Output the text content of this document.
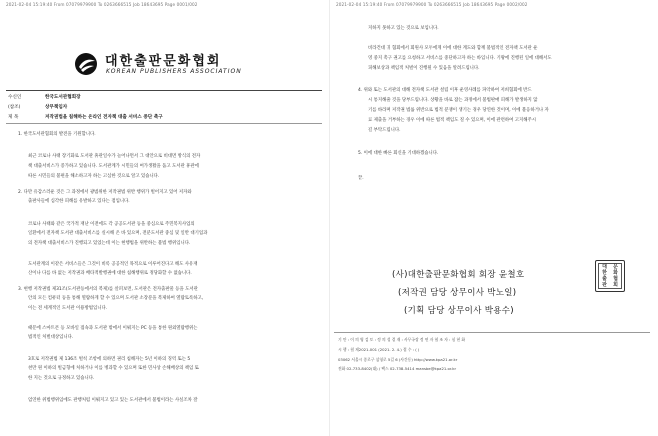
2021-02-04 15:19:40 From 07079979900 To 0263666515 Job 18643695 Page 0001/002
대한출판문화협회
KOREAN PUBLISHERS ASSOCIATION
수신인	한국도서관협회장
(참조)	상무책임자
제 목	저작권법을 침해하는 온라인 전자책 대출 서비스 중단 촉구
1. 한국도서관협회의 발전을 기원합니다.
최근 코로나 사태 장기화로 도서관 휴관일수가 늘어나면서 그 대안으로 비대면 방식의 전자
책 대출서비스가 증가하고 있습니다. 도서관계가 시민들의 여가생활을 돕고 도서관 휴관에
따른 시민들의 불편을 해소하고자 하는 고심한 것으로 알고 있습니다.
2. 다만 유감스러운 것은 그 과정에서 광범위한 저작권법 위반 행위가 벌어지고 있어 저자와
출판사들에 심각한 피해를 유발하고 있다는 점입니다.
코로나 사태와 같은 국가적 재난 이전에도 각 공공도서관 등을 중심으로 주민복지사업의
일환에서 전자책 도서관 대출서비스를 실시해 온 바 있으며, 전분도서관 중심 및 일반 대기업과
의 전자책 대출서비스가 진행되고 있었는데 이는 현행법을 위반하는 불법 행위입니다.
도서관계의 이같은 서비스들은 그것이 비록 공공적인 목적으로 이루어진다고 해도 사유재
산이나 다를 바 없는 저작권과 배타적발행권에 대한 침해행위로 정당화할 수 없습니다.
3. 현행 저작권법 제31조(도서관등에서의 복제)를 살펴보면, 도서관은 전자출판물 등을 도서관
안의 모든 컴퓨터 등을 통해 열람하게 할 수 있으며 도서관 소장분을 복제하여 열람토록하고,
이는 전 세계적인 도서관 이용방법입니다.
때문에 스마트폰 등 모바일 접속과 도서관 밖에서 이뤄지는 PC 등을 통한 원외열람행위는
법적인 처벌대상입니다.
3호로 저작권법 제 136조 벌칙 조항에 의하면 권리 침해자는 5년 이하의 징역 또는 5
천만 원 이하의 벌금형에 처하거나 이를 병과할 수 있으며 또한 민사상 손해배상의 책임 또
한 지는 것으로 규정하고 있습니다.
엄연한 위법행위임에도 관행처럼 이뤄지고 있고 있는 도서관에서 불법이라는 사실조차 잘
2021-02-04 15:19:40 From 07079979900 To 0263666515 Job 18643695 Page 0002/002
지하지 못하고 있는 것으로 보입니다.
비라건대 귀 협회에서 회원사 모두에게 이에 대한 계도와 함께 불법적인 전자책 도서관 운
영 중지 촉구 권고를 요청하고 서비스를 중단하고자 하는 바입니다. 기왕에 진행된 일에 대해서도
피해보상과 책임적 처벌이 진행될 수 있음을 알려드립니다.
4. 위와 또는 도서관의 대해 전자책 도서관 설립 이후 운영사례를 파악하여 저희협회에 반드
시 통지해줄 것을 당부드립니다. 상황을 바로 잡는 과정에서 불법판매 피해가 발생하지 않
기를 바라며 저작권 법률 위반으로 법적 분쟁이 생기는 경우 당연한 것이며, 이에 불응하거나 자
료 제출을 거부하는 경우 이에 따른 법적 책임도 질 수 있으며, 이에 관련하여 고지해주시
길 부탁드립니다.
5. 이에 대한 빠른 회신을 기대하겠습니다.
끝.
(사)대한출판문화협회 회장 윤철호
(저작권 담당 상무이사 박노일)
(기획 담당 상무이사 박용수)
기 안 : 이 의 영 검 토 : 정 의 성 결 재 : 사무국장 정 연 자 협 조 자 : 심 현 화
시 행 : 협 제2021-001 (2021. 2. 4.) 접 수 : ( )
03062 서울시 종로구 삼청로 5길 6 (사간동) http://www.kpa21.or.kr
전화 02-733-8402(대) / 팩스 02-738-5414 mansbe@kpa21.or.kr
대	문
한	화
출	협
판	회
